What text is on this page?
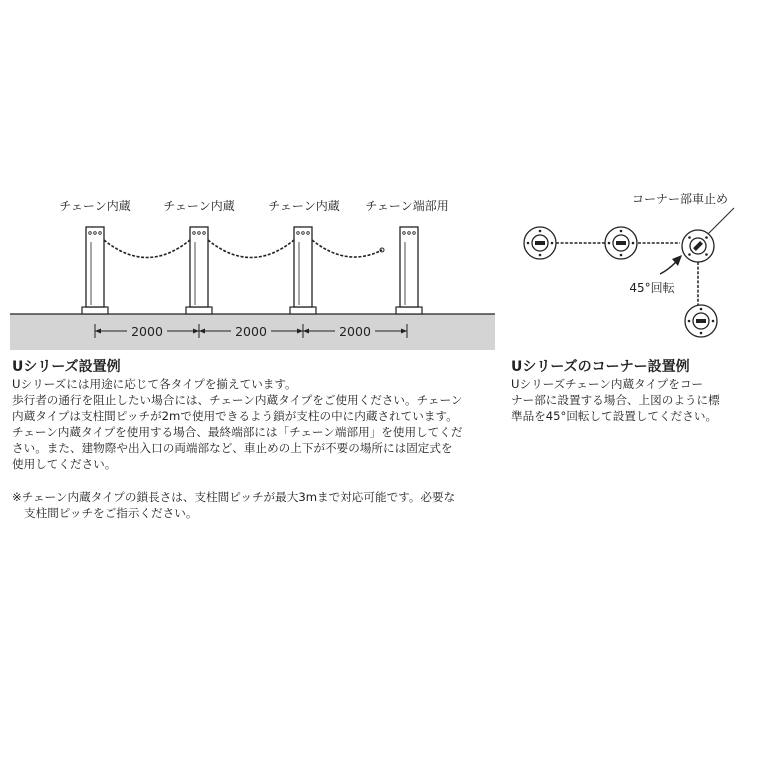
チェーン内蔵	チェーン内蔵	チェーン内蔵 チェーン端部用
2000	2000	2000
コーナー部車止め
45°回転
Uシリーズ設置例
Uシリーズには用途に応じて各タイプを揃えています。
歩行者の通行を阻止したい場合には、チェーン内蔵タイプをご使用ください。チェーン
内蔵タイプは支柱間ピッチが2mで使用できるよう鎖が支柱の中に内蔵されています。
チェーン内蔵タイプを使用する場合、最終端部には「チェーン端部用」を使用してくだ
さい。また、建物際や出入口の両端部など、車止めの上下が不要の場所には固定式を
使用してください。
※チェーン内蔵タイプの鎖長さは、支柱間ピッチが最大3mまで対応可能です。必要な
支柱間ピッチをご指示ください。
Uシリーズのコーナー設置例
Uシリーズチェーン内蔵タイプをコー
ナー部に設置する場合、上図のように標
準品を45°回転して設置してください。
